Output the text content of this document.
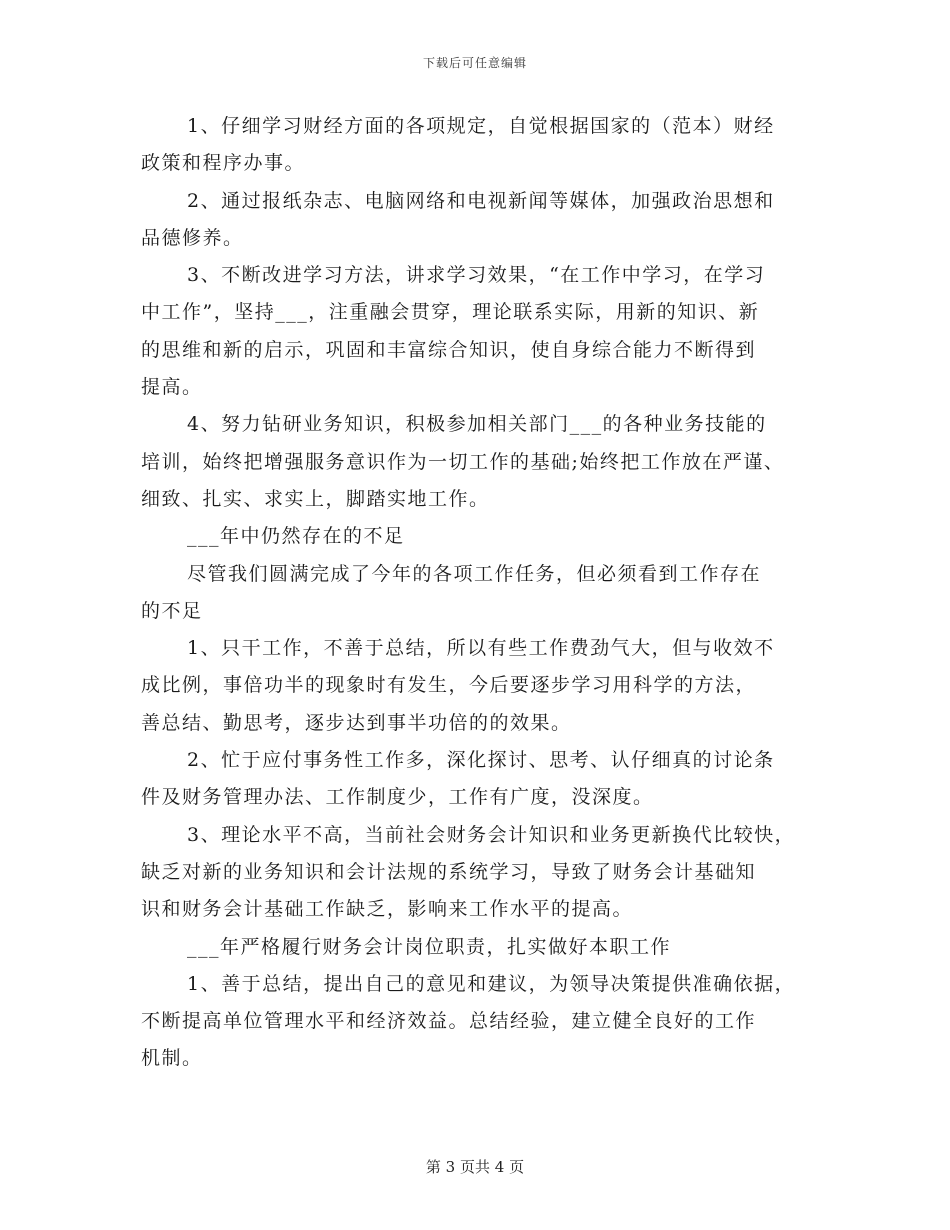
下载后可任意编辑
1、仔细学习财经方面的各项规定，自觉根据国家的（范本）财经
政策和程序办事。
2、通过报纸杂志、电脑网络和电视新闻等媒体，加强政治思想和
品德修养。
3、不断改进学习方法，讲求学习效果，“在工作中学习，在学习
中工作”，坚持___，注重融会贯穿，理论联系实际，用新的知识、新
的思维和新的启示，巩固和丰富综合知识，使自身综合能力不断得到
提高。
4、努力钻研业务知识，积极参加相关部门___的各种业务技能的
培训，始终把增强服务意识作为一切工作的基础;始终把工作放在严谨、
细致、扎实、求实上，脚踏实地工作。
___年中仍然存在的不足
尽管我们圆满完成了今年的各项工作任务，但必须看到工作存在
的不足
1、只干工作，不善于总结，所以有些工作费劲气大，但与收效不
成比例，事倍功半的现象时有发生，今后要逐步学习用科学的方法，
善总结、勤思考，逐步达到事半功倍的的效果。
2、忙于应付事务性工作多，深化探讨、思考、认仔细真的讨论条
件及财务管理办法、工作制度少，工作有广度，没深度。
3、理论水平不高，当前社会财务会计知识和业务更新换代比较快，
缺乏对新的业务知识和会计法规的系统学习，导致了财务会计基础知
识和财务会计基础工作缺乏，影响来工作水平的提高。
___年严格履行财务会计岗位职责，扎实做好本职工作
1、善于总结，提出自己的意见和建议，为领导决策提供准确依据，
不断提高单位管理水平和经济效益。总结经验，建立健全良好的工作
机制。
第 3 页共 4 页
